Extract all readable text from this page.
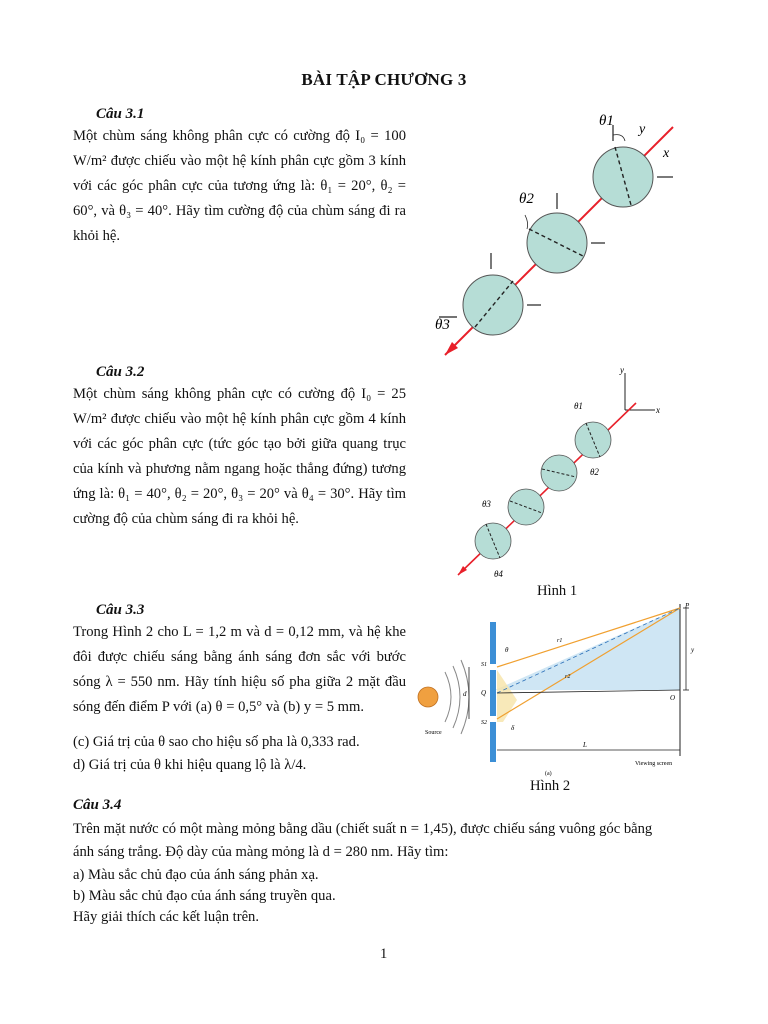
BÀI TẬP CHƯƠNG 3
Câu 3.1
Một chùm sáng không phân cực có cường độ I₀ = 100 W/m² được chiếu vào một hệ kính phân cực gồm 3 kính với các góc phân cực của tương ứng là: θ₁ = 20°, θ₂ = 60°, và θ₃ = 40°. Hãy tìm cường độ của chùm sáng đi ra khỏi hệ.
θ1
y
x
θ2
θ3
Câu 3.2
Một chùm sáng không phân cực có cường độ I₀ = 25 W/m² được chiếu vào một hệ kính phân cực gồm 4 kính với các góc phân cực (tức góc tạo bởi giữa quang trục của kính và phương nằm ngang hoặc thẳng đứng) tương ứng là: θ₁ = 40°, θ₂ = 20°, θ₃ = 20° và θ₄ = 30°. Hãy tìm cường độ của chùm sáng đi ra khỏi hệ.
y
x
θ1
θ2
θ3
θ4
Hình 1
Câu 3.3
Trong Hình 2 cho L = 1,2 m và d = 0,12 mm, và hệ khe đôi được chiếu sáng bằng ánh sáng đơn sắc với bước sóng λ = 550 nm. Hãy tính hiệu số pha giữa 2 mặt đầu sóng đến điểm P với (a) θ = 0,5° và (b) y = 5 mm.
(c) Giá trị của θ sao cho hiệu số pha là 0,333 rad.
d) Giá trị của θ khi hiệu quang lộ là λ/4.
P
y
O
Q
S1
S2
d
θ
δ
r1
r2
L
Source
Viewing screen
(a)
Hình 2
Câu 3.4
Trên mặt nước có một màng mỏng bằng dầu (chiết suất n = 1,45), được chiếu sáng vuông góc bằng
ánh sáng trắng. Độ dày của màng mỏng là d = 280 nm. Hãy tìm:
a) Màu sắc chủ đạo của ánh sáng phản xạ.
b) Màu sắc chủ đạo của ánh sáng truyền qua.
Hãy giải thích các kết luận trên.
1
